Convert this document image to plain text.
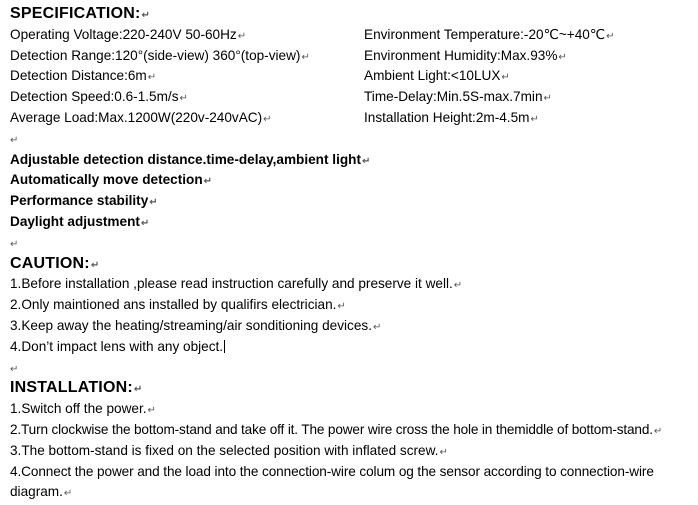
SPECIFICATION:↵
Operating Voltage:220-240V 50-60Hz↵	Environment Temperature:-20℃~+40℃↵
Detection Range:120°(side-view) 360°(top-view)↵	Environment Humidity:Max.93%↵
Detection Distance:6m↵	Ambient Light:<10LUX↵
Detection Speed:0.6-1.5m/s↵	Time-Delay:Min.5S-max.7min↵
Average Load:Max.1200W(220v-240vAC)↵	Installation Height:2m-4.5m↵
↵
Adjustable detection distance.time-delay,ambient light↵
Automatically move detection↵
Performance stability↵
Daylight adjustment↵
↵
CAUTION:↵
1.Before installation ,please read instruction carefully and preserve it well.↵
2.Only maintioned ans installed by qualifirs electrician.↵
3.Keep away the heating/streaming/air sonditioning devices.↵
4.Don’t impact lens with any object.
↵
INSTALLATION:↵
1.Switch off the power.↵
2.Turn clockwise the bottom-stand and take off it. The power wire cross the hole in themiddle of bottom-stand.↵
3.The bottom-stand is fixed on the selected position with inflated screw.↵
4.Connect the power and the load into the connection-wire colum og the sensor according to connection-wire
diagram.↵
